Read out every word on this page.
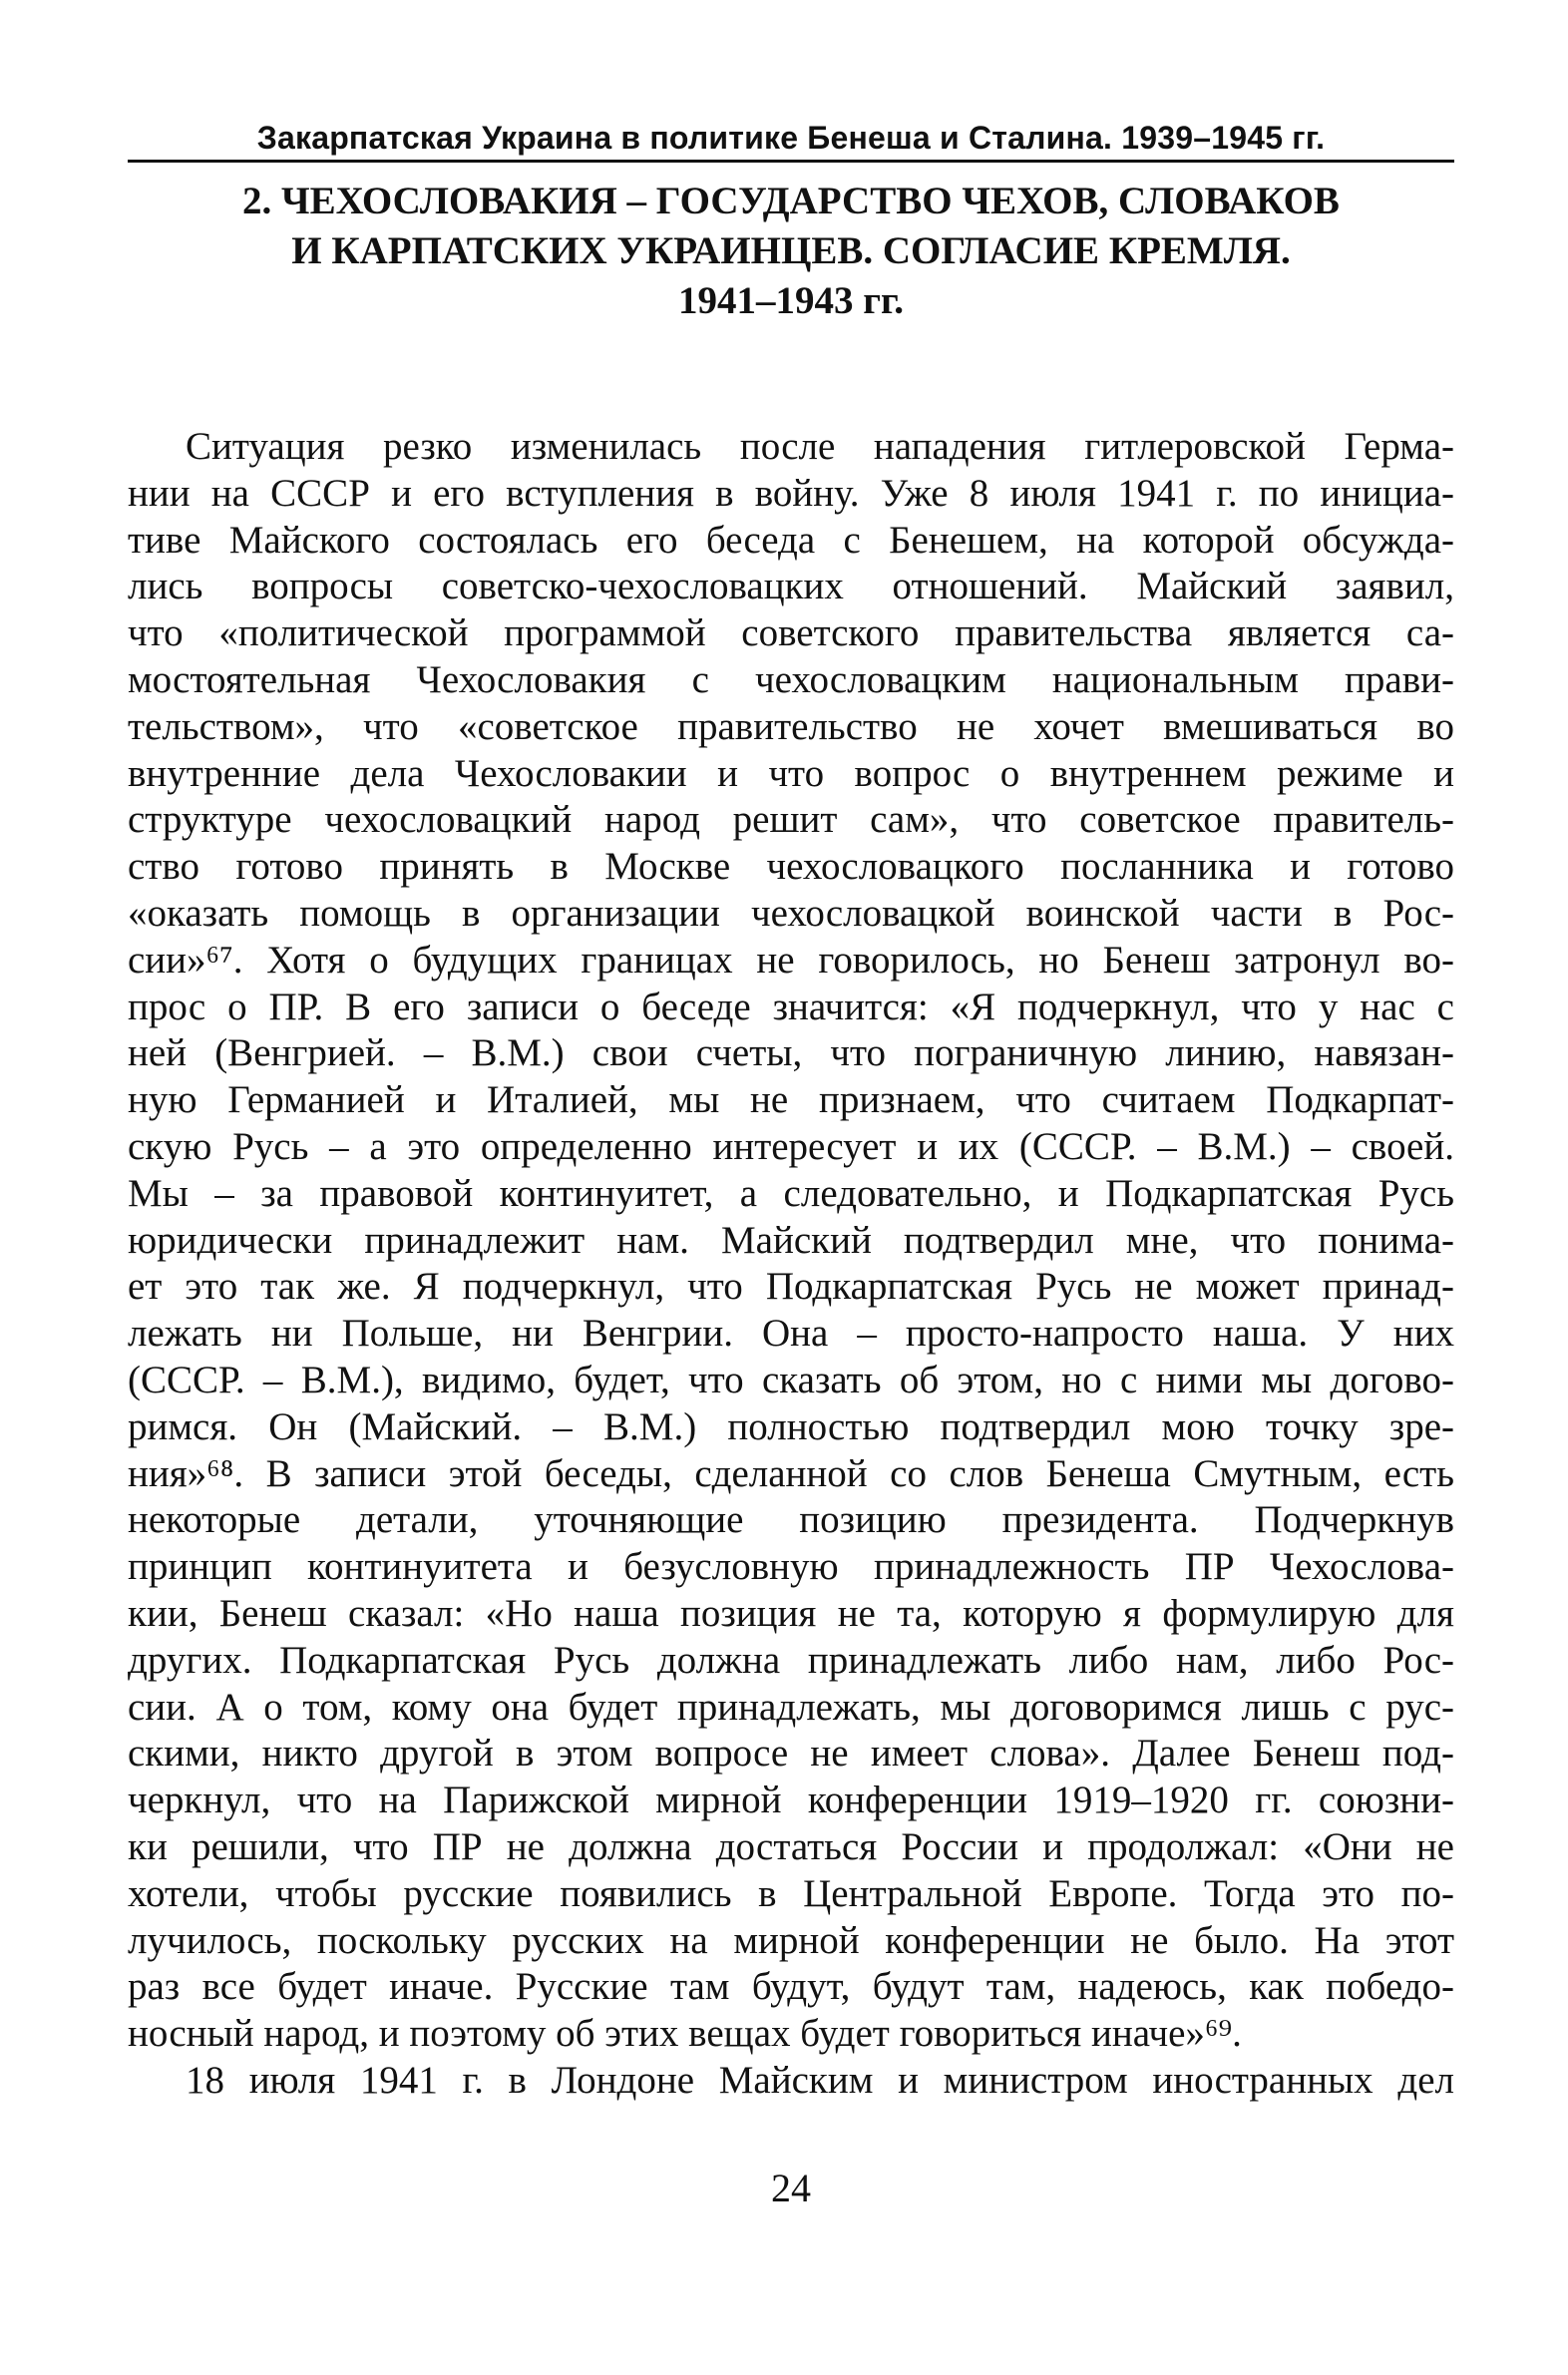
Закарпатская Украина в политике Бенеша и Сталина. 1939–1945 гг.
2. ЧЕХОСЛОВАКИЯ – ГОСУДАРСТВО ЧЕХОВ, СЛОВАКОВ
И КАРПАТСКИХ УКРАИНЦЕВ. СОГЛАСИЕ КРЕМЛЯ.
1941–1943 гг.
Ситуация резко изменилась после нападения гитлеровской Герма-
нии на СССР и его вступления в войну. Уже 8 июля 1941 г. по инициа-
тиве Майского состоялась его беседа с Бенешем, на которой обсужда-
лись вопросы советско-чехословацких отношений. Майский заявил,
что «политической программой советского правительства является са-
мостоятельная Чехословакия с чехословацким национальным прави-
тельством», что «советское правительство не хочет вмешиваться во
внутренние дела Чехословакии и что вопрос о внутреннем режиме и
структуре чехословацкий народ решит сам», что советское правитель-
ство готово принять в Москве чехословацкого посланника и готово
«оказать помощь в организации чехословацкой воинской части в Рос-
сии»⁶⁷. Хотя о будущих границах не говорилось, но Бенеш затронул во-
прос о ПР. В его записи о беседе значится: «Я подчеркнул, что у нас с
ней (Венгрией. – В.М.) свои счеты, что пограничную линию, навязан-
ную Германией и Италией, мы не признаем, что считаем Подкарпат-
скую Русь – а это определенно интересует и их (СССР. – В.М.) – своей.
Мы – за правовой континуитет, а следовательно, и Подкарпатская Русь
юридически принадлежит нам. Майский подтвердил мне, что понима-
ет это так же. Я подчеркнул, что Подкарпатская Русь не может принад-
лежать ни Польше, ни Венгрии. Она – просто-напросто наша. У них
(СССР. – В.М.), видимо, будет, что сказать об этом, но с ними мы догово-
римся. Он (Майский. – В.М.) полностью подтвердил мою точку зре-
ния»⁶⁸. В записи этой беседы, сделанной со слов Бенеша Смутным, есть
некоторые детали, уточняющие позицию президента. Подчеркнув
принцип континуитета и безусловную принадлежность ПР Чехослова-
кии, Бенеш сказал: «Но наша позиция не та, которую я формулирую для
других. Подкарпатская Русь должна принадлежать либо нам, либо Рос-
сии. А о том, кому она будет принадлежать, мы договоримся лишь с рус-
скими, никто другой в этом вопросе не имеет слова». Далее Бенеш под-
черкнул, что на Парижской мирной конференции 1919–1920 гг. союзни-
ки решили, что ПР не должна достаться России и продолжал: «Они не
хотели, чтобы русские появились в Центральной Европе. Тогда это по-
лучилось, поскольку русских на мирной конференции не было. На этот
раз все будет иначе. Русские там будут, будут там, надеюсь, как победо-
носный народ, и поэтому об этих вещах будет говориться иначе»⁶⁹.
18 июля 1941 г. в Лондоне Майским и министром иностранных дел
24
